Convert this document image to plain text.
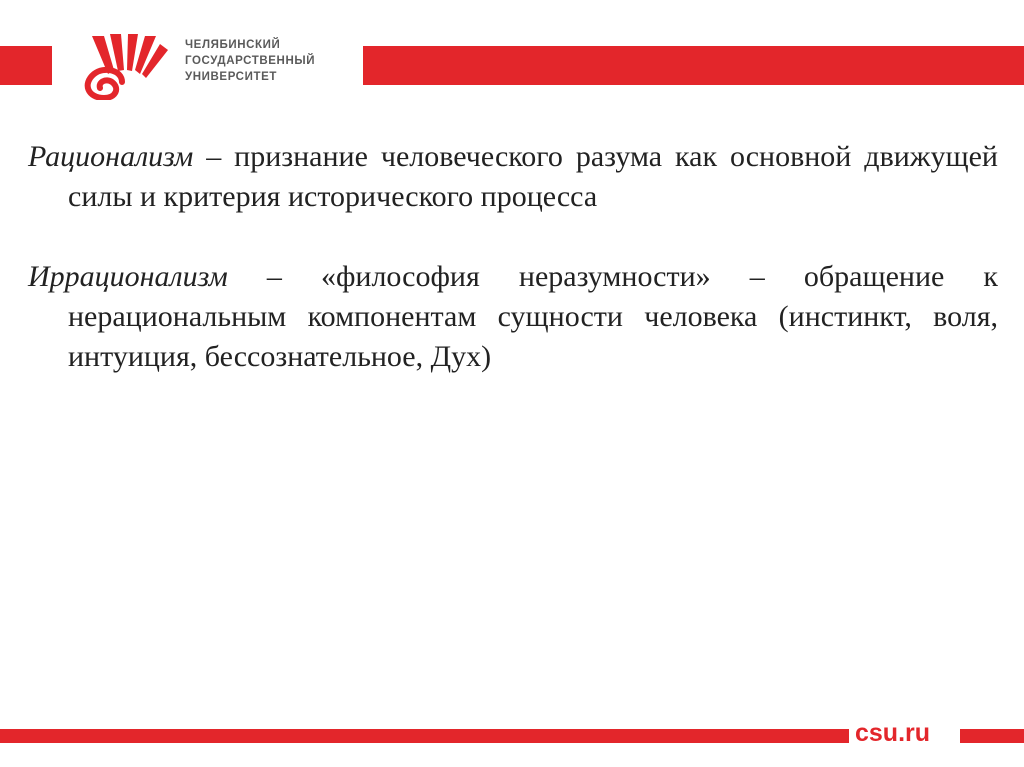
ЧЕЛЯБИНСКИЙ
ГОСУДАРСТВЕННЫЙ
УНИВЕРСИТЕТ

Рационализм – признание человеческого разума как основной движущей силы и критерия исторического процесса

Иррационализм – «философия неразумности» – обращение к нерациональным компонентам сущности человека (инстинкт, воля, интуиция, бессознательное, Дух)

csu.ru
